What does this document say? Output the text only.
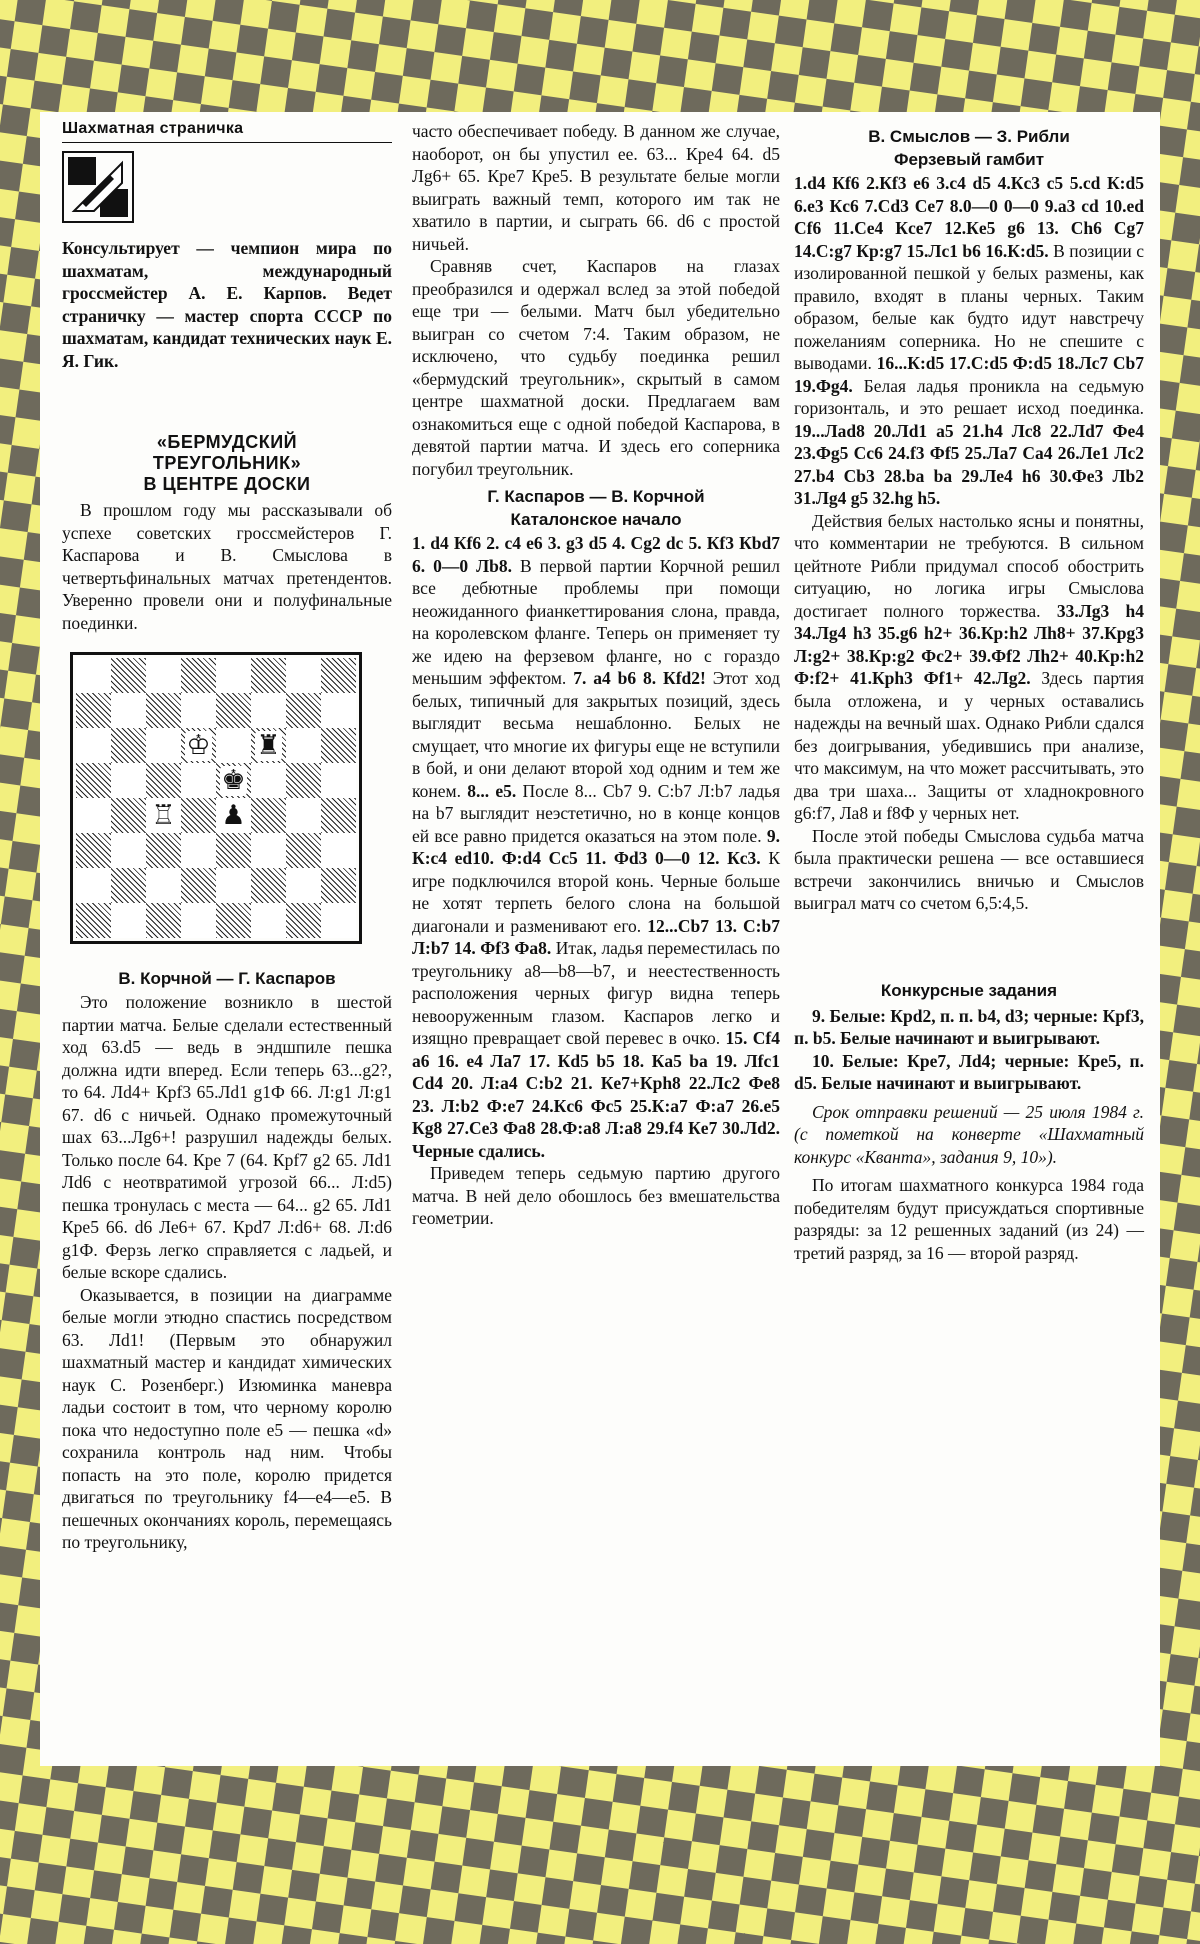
Шахматная страничка

Консультирует — чемпион мира по шахматам, международный гроссмейстер А. Е. Карпов. Ведет страничку — мастер спорта СССР по шахматам, кандидат технических наук Е. Я. Гик.

«БЕРМУДСКИЙ
ТРЕУГОЛЬНИК»
В ЦЕНТРЕ ДОСКИ

В прошлом году мы рассказывали об успехе советских гроссмейстеров Г. Каспарова и В. Смыслова в четвертьфинальных матчах претендентов. Уверенно провели они и полуфинальные поединки.

♔ ♜
♚
♖ ♟
В. Корчной — Г. Каспаров

Это положение возникло в шестой партии матча. Белые сделали естественный ход 63.d5 — ведь в эндшпиле пешка должна идти вперед. Если теперь 63...g2?, то 64. Лd4+ Крf3 65.Лd1 g1Ф 66. Л:g1 Л:g1 67. d6 с ничьей. Однако промежуточный шах 63...Лg6+! разрушил надежды белых. Только после 64. Кре 7 (64. Крf7 g2 65. Лd1 Лd6 с неотвратимой угрозой 66... Л:d5) пешка тронулась с места — 64... g2 65. Лd1 Кре5 66. d6 Ле6+ 67. Кpd7 Л:d6+ 68. Л:d6 g1Ф. Ферзь легко справляется с ладьей, и белые вскоре сдались.

Оказывается, в позиции на диаграмме белые могли этюдно спастись посредством 63. Лd1! (Первым это обнаружил шахматный мастер и кандидат химических наук С. Розенберг.) Изюминка маневра ладьи состоит в том, что черному королю пока что недоступно поле е5 — пешка «d» сохранила контроль над ним. Чтобы попасть на это поле, королю придется двигаться по треугольнику f4—e4—e5. В пешечных окончаниях король, перемещаясь по треугольнику,

часто обеспечивает победу. В данном же случае, наоборот, он бы упустил ее. 63... Кре4 64. d5 Лg6+ 65. Кре7 Кре5. В результате белые могли выиграть важный темп, которого им так не хватило в партии, и сыграть 66. d6 с простой ничьей.

Сравняв счет, Каспаров на глазах преобразился и одержал вслед за этой победой еще три — белыми. Матч был убедительно выигран со счетом 7:4. Таким образом, не исключено, что судьбу поединка решил «бермудский треугольник», скрытый в самом центре шахматной доски. Предлагаем вам ознакомиться еще с одной победой Каспарова, в девятой партии матча. И здесь его соперника погубил треугольник.

Г. Каспаров — В. Корчной
Каталонское начало

1. d4 Кf6 2. c4 e6 3. g3 d5 4. Cg2 dc 5. Кf3 Кbd7 6. 0—0 Лb8. В первой партии Корчной решил все дебютные проблемы при помощи неожиданного фианкеттирования слона, правда, на королевском фланге. Теперь он применяет ту же идею на ферзевом фланге, но с гораздо меньшим эффектом. 7. a4 b6 8. Кfd2! Этот ход белых, типичный для закрытых позиций, здесь выглядит весьма нешаблонно. Белых не смущает, что многие их фигуры еще не вступили в бой, и они делают второй ход одним и тем же конем. 8... e5. После 8... Сb7 9. С:b7 Л:b7 ладья на b7 выглядит неэстетично, но в конце концов ей все равно придется оказаться на этом поле. 9. К:c4 ed10. Ф:d4 Сc5 11. Фd3 0—0 12. Кc3. К игре подключился второй конь. Черные больше не хотят терпеть белого слона на большой диагонали и разменивают его. 12...Сb7 13. С:b7 Л:b7 14. Фf3 Фa8. Итак, ладья переместилась по треугольнику a8—b8—b7, и неестественность расположения черных фигур видна теперь невооруженным глазом. Каспаров легко и изящно превращает свой перевес в очко. 15. Сf4 a6 16. e4 Лa7 17. Кd5 b5 18. Кa5 ba 19. Лfc1 Сd4 20. Л:a4 С:b2 21. Кe7+Крh8 22.Лc2 Фe8 23. Л:b2 Ф:e7 24.Кc6 Фc5 25.К:a7 Ф:a7 26.e5 Кg8 27.Сe3 Фa8 28.Ф:a8 Л:a8 29.f4 Кe7 30.Лd2. Черные сдались.

Приведем теперь седьмую партию другого матча. В ней дело обошлось без вмешательства геометрии.

В. Смыслов — З. Рибли
Ферзевый гамбит

1.d4 Кf6 2.Кf3 e6 3.c4 d5 4.Кc3 c5 5.cd К:d5 6.e3 Кc6 7.Сd3 Сe7 8.0—0 0—0 9.a3 cd 10.ed Сf6 11.Сe4 Кce7 12.Кe5 g6 13. Сh6 Сg7 14.С:g7 Кр:g7 15.Лc1 b6 16.К:d5. В позиции с изолированной пешкой у белых размены, как правило, входят в планы черных. Таким образом, белые как будто идут навстречу пожеланиям соперника. Но не спешите с выводами. 16...К:d5 17.С:d5 Ф:d5 18.Лc7 Сb7 19.Фg4. Белая ладья проникла на седьмую горизонталь, и это решает исход поединка. 19...Лad8 20.Лd1 a5 21.h4 Лc8 22.Лd7 Фe4 23.Фg5 Сc6 24.f3 Фf5 25.Лa7 Сa4 26.Лe1 Лc2 27.b4 Сb3 28.ba ba 29.Лe4 h6 30.Фe3 Лb2 31.Лg4 g5 32.hg h5.

Действия белых настолько ясны и понятны, что комментарии не требуются. В сильном цейтноте Рибли придумал способ обострить ситуацию, но логика игры Смыслова достигает полного торжества. 33.Лg3 h4 34.Лg4 h3 35.g6 h2+ 36.Кр:h2 Лh8+ 37.Крg3 Л:g2+ 38.Кр:g2 Фc2+ 39.Фf2 Лh2+ 40.Кр:h2 Ф:f2+ 41.Крh3 Фf1+ 42.Лg2. Здесь партия была отложена, и у черных оставались надежды на вечный шах. Однако Рибли сдался без доигрывания, убедившись при анализе, что максимум, на что может рассчитывать, это два три шаха... Защиты от хладнокровного g6:f7, Лa8 и f8Ф у черных нет.

После этой победы Смыслова судьба матча была практически решена — все оставшиеся встречи закончились вничью и Смыслов выиграл матч со счетом 6,5:4,5.

Конкурсные задания

9. Белые: Крd2, п. п. b4, d3; черные: Крf3, п. b5. Белые начинают и выигрывают.

10. Белые: Кре7, Лd4; черные: Кре5, п. d5. Белые начинают и выигрывают.

Срок отправки решений — 25 июля 1984 г. (с пометкой на конверте «Шахматный конкурс «Кванта», задания 9, 10»).

По итогам шахматного конкурса 1984 года победителям будут присуждаться спортивные разряды: за 12 решенных заданий (из 24) — третий разряд, за 16 — второй разряд.
